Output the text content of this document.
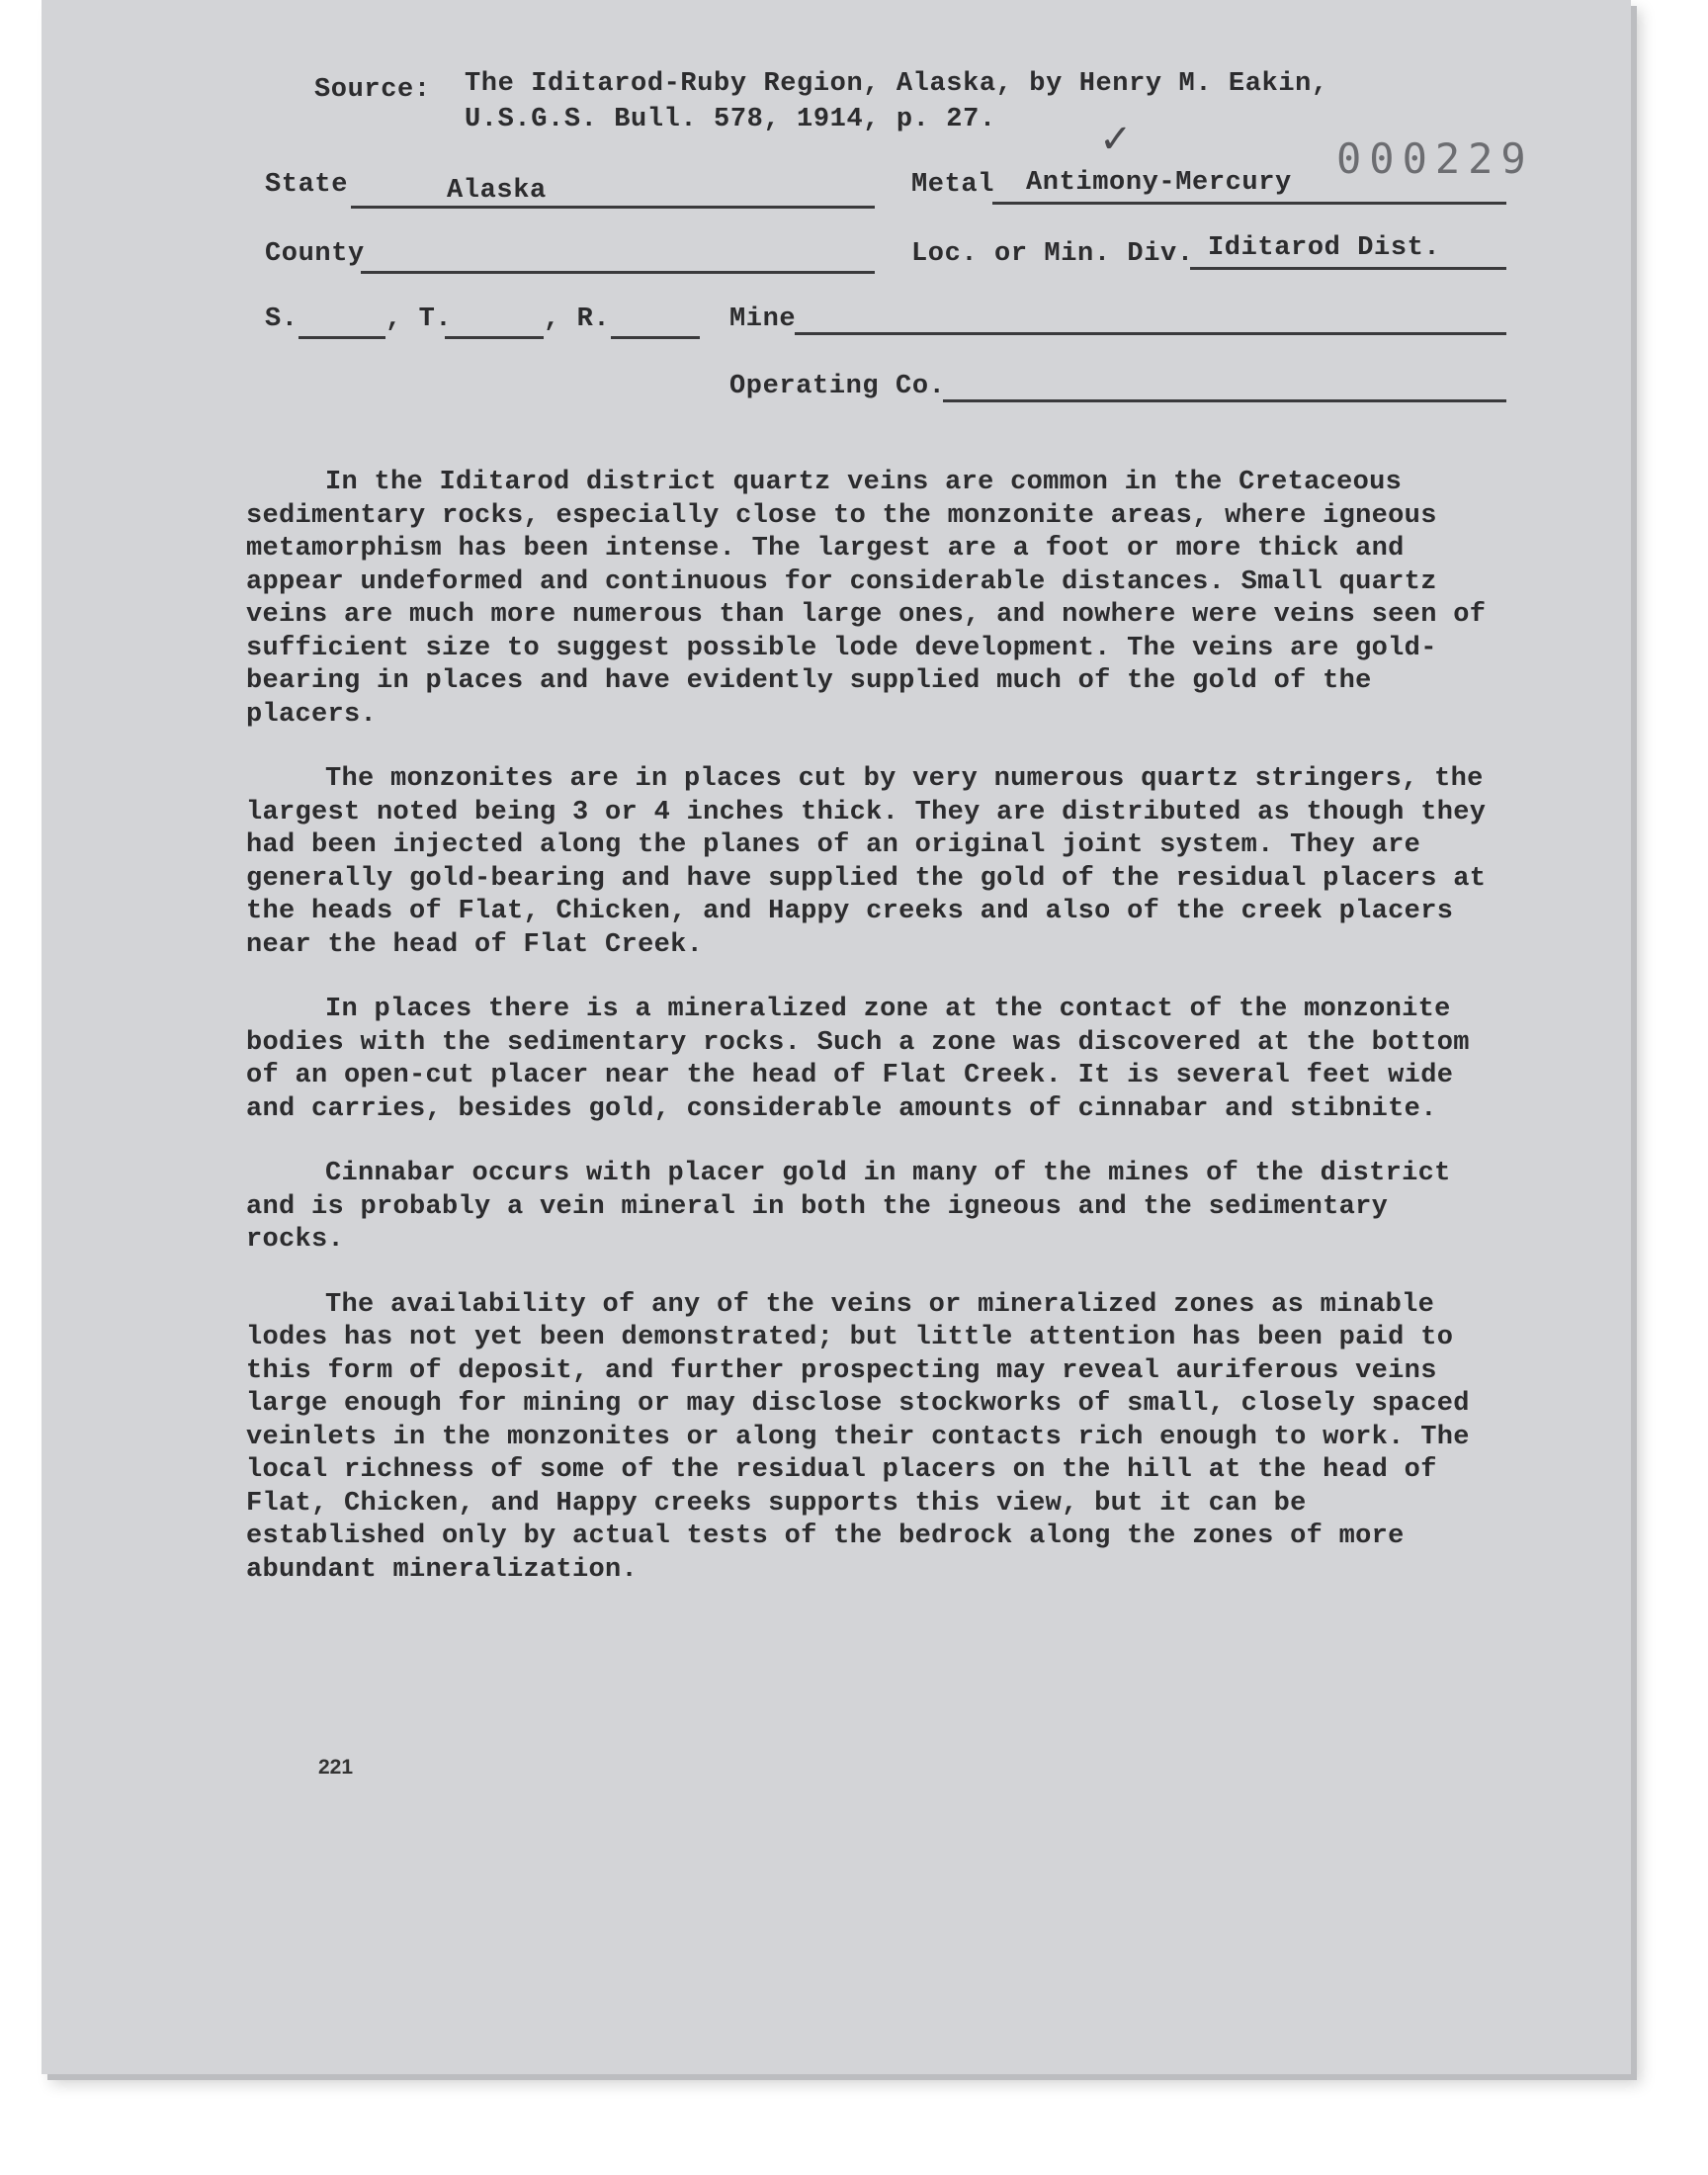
Source: The Iditarod-Ruby Region, Alaska, by Henry M. Eakin,
U.S.G.S. Bull. 578, 1914, p. 27.	✓	000229
State	Alaska	Metal Antimony-Mercury
County	Loc. or Min. Div. Iditarod Dist.
S.	, T.	, R.	Mine
Operating Co.

In the Iditarod district quartz veins are common in the Cretaceous sedimentary rocks, especially close to the monzonite areas, where igneous metamorphism has been intense. The largest are a foot or more thick and appear undeformed and continuous for considerable distances. Small quartz veins are much more numerous than large ones, and nowhere were veins seen of sufficient size to suggest possible lode development. The veins are gold-bearing in places and have evidently supplied much of the gold of the placers.

The monzonites are in places cut by very numerous quartz stringers, the largest noted being 3 or 4 inches thick. They are distributed as though they had been injected along the planes of an original joint system. They are generally gold-bearing and have supplied the gold of the residual placers at the heads of Flat, Chicken, and Happy creeks and also of the creek placers near the head of Flat Creek.

In places there is a mineralized zone at the contact of the monzonite bodies with the sedimentary rocks. Such a zone was discovered at the bottom of an open-cut placer near the head of Flat Creek. It is several feet wide and carries, besides gold, considerable amounts of cinnabar and stibnite.

Cinnabar occurs with placer gold in many of the mines of the district and is probably a vein mineral in both the igneous and the sedimentary rocks.

The availability of any of the veins or mineralized zones as minable lodes has not yet been demonstrated; but little attention has been paid to this form of deposit, and further prospecting may reveal auriferous veins large enough for mining or may disclose stockworks of small, closely spaced veinlets in the monzonites or along their contacts rich enough to work. The local richness of some of the residual placers on the hill at the head of Flat, Chicken, and Happy creeks supports this view, but it can be established only by actual tests of the bedrock along the zones of more abundant mineralization.

221
